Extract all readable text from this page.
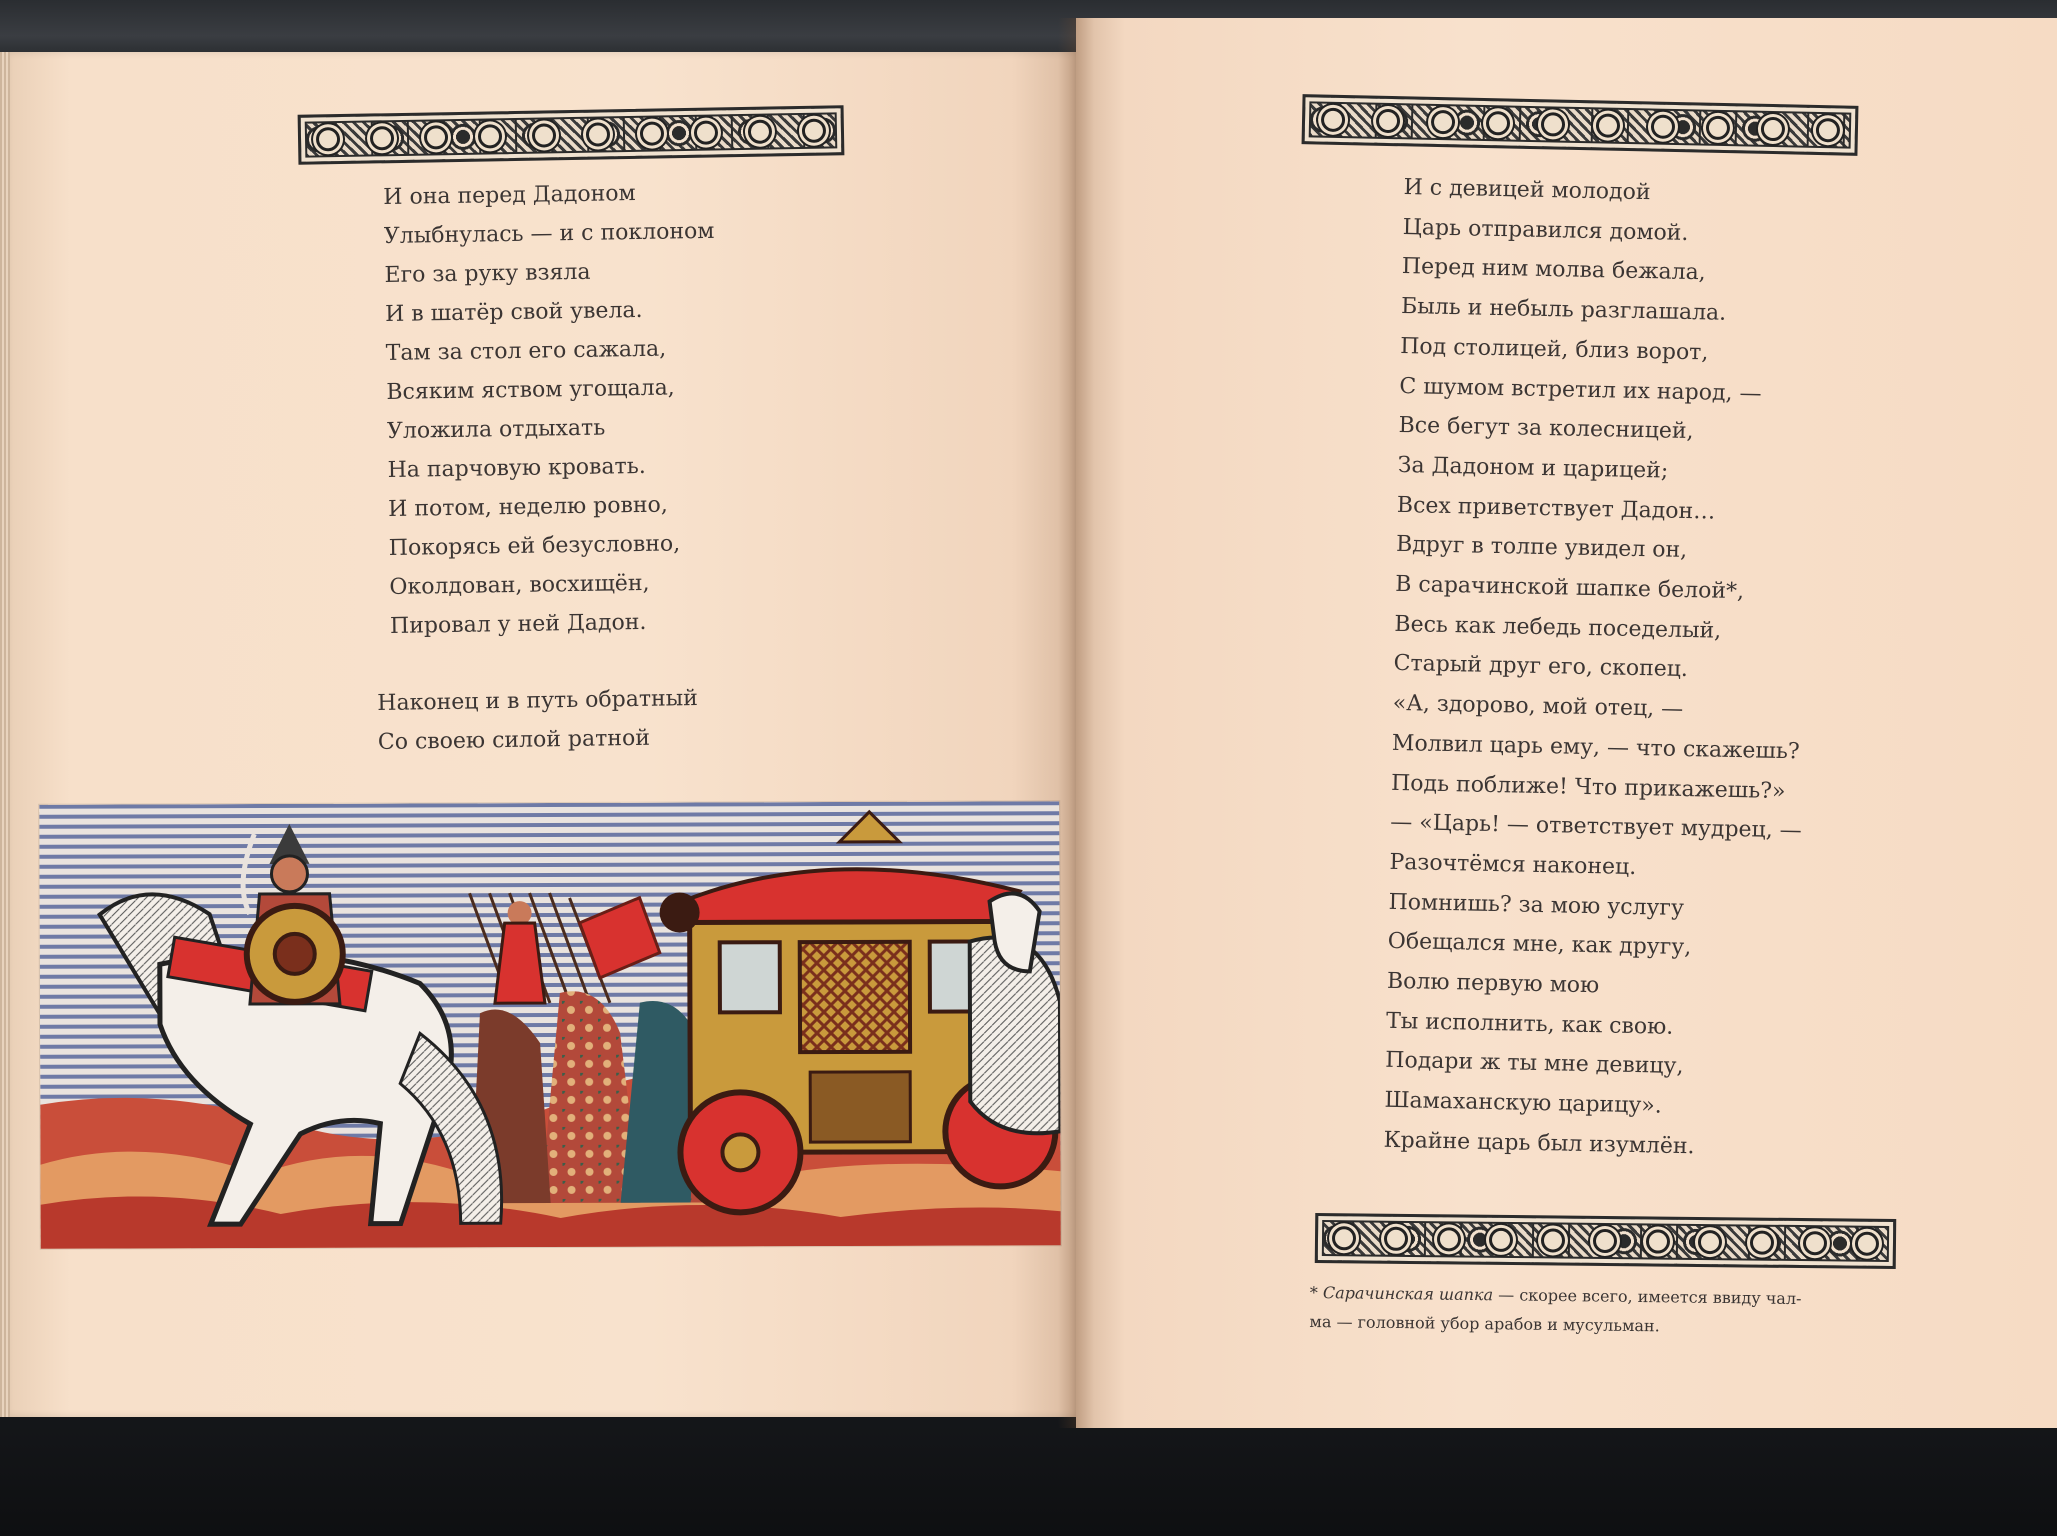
И она перед Дадоном
Улыбнулась — и с поклоном
Его за руку взяла
И в шатёр свой увела.
Там за стол его сажала,
Всяким яством угощала,
Уложила отдыхать
На парчовую кровать.
И потом, неделю ровно,
Покорясь ей безусловно,
Околдован, восхищён,
Пировал у ней Дадон.
Наконец и в путь обратный
Со своею силой ратной
И с девицей молодой
Царь отправился домой.
Перед ним молва бежала,
Быль и небыль разглашала.
Под столицей, близ ворот,
С шумом встретил их народ, —
Все бегут за колесницей,
За Дадоном и царицей;
Всех приветствует Дадон…
Вдруг в толпе увидел он,
В сарачинской шапке белой*,
Весь как лебедь поседелый,
Старый друг его, скопец.
«А, здорово, мой отец, —
Молвил царь ему, — что скажешь?
Подь поближе! Что прикажешь?»
— «Царь! — ответствует мудрец, —
Разочтёмся наконец.
Помнишь? за мою услугу
Обещался мне, как другу,
Волю первую мою
Ты исполнить, как свою.
Подари ж ты мне девицу,
Шамаханскую царицу».
Крайне царь был изумлён.
* Сарачинская шапка — скорее всего, имеется ввиду чал-
ма — головной убор арабов и мусульман.
